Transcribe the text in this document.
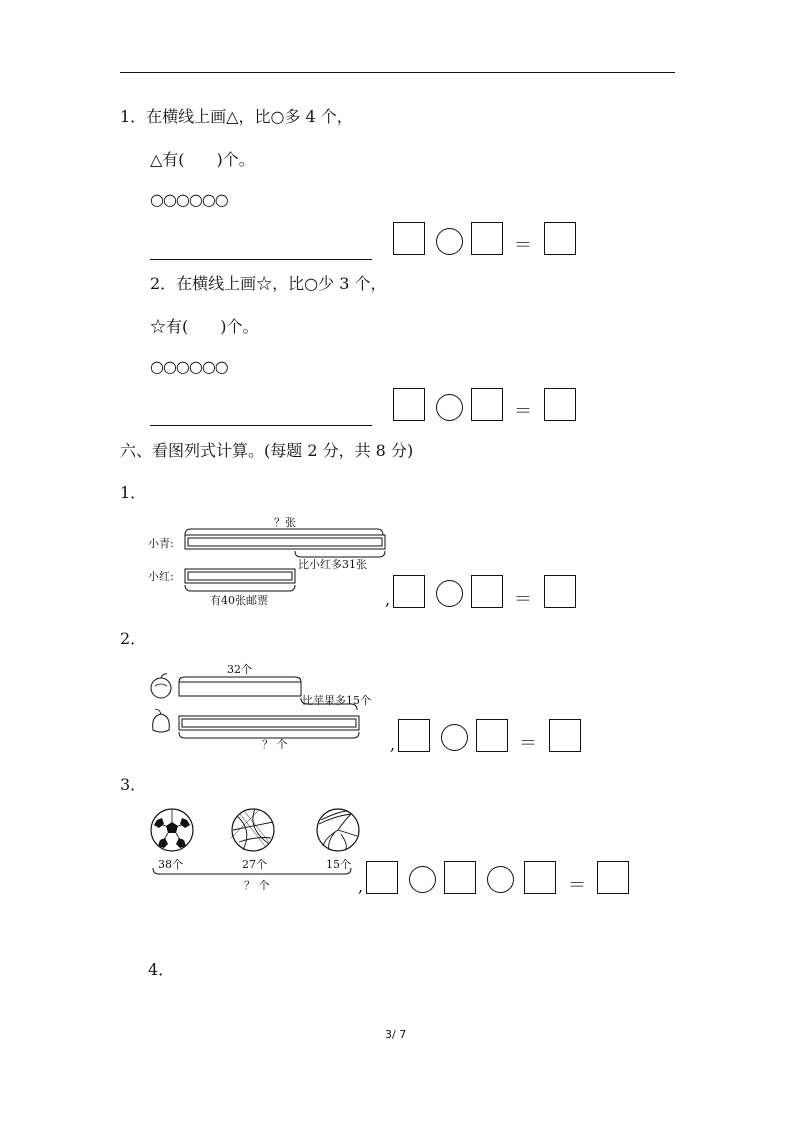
1．在横线上画△，比○多 4 个，
△有(　　)个。
○○○○○○
＝
2．在横线上画☆，比○少 3 个，
☆有(　　)个。
○○○○○○
＝
六、看图列式计算。(每题 2 分，共 8 分)
1．
？张
小青:
比小红多31张
小红:
有40张邮票	,	＝
2．
32个
比苹果多15个
？ 个	,	＝
3．
38个	27个	15个
？ 个	,	＝
4．
3/ 7
